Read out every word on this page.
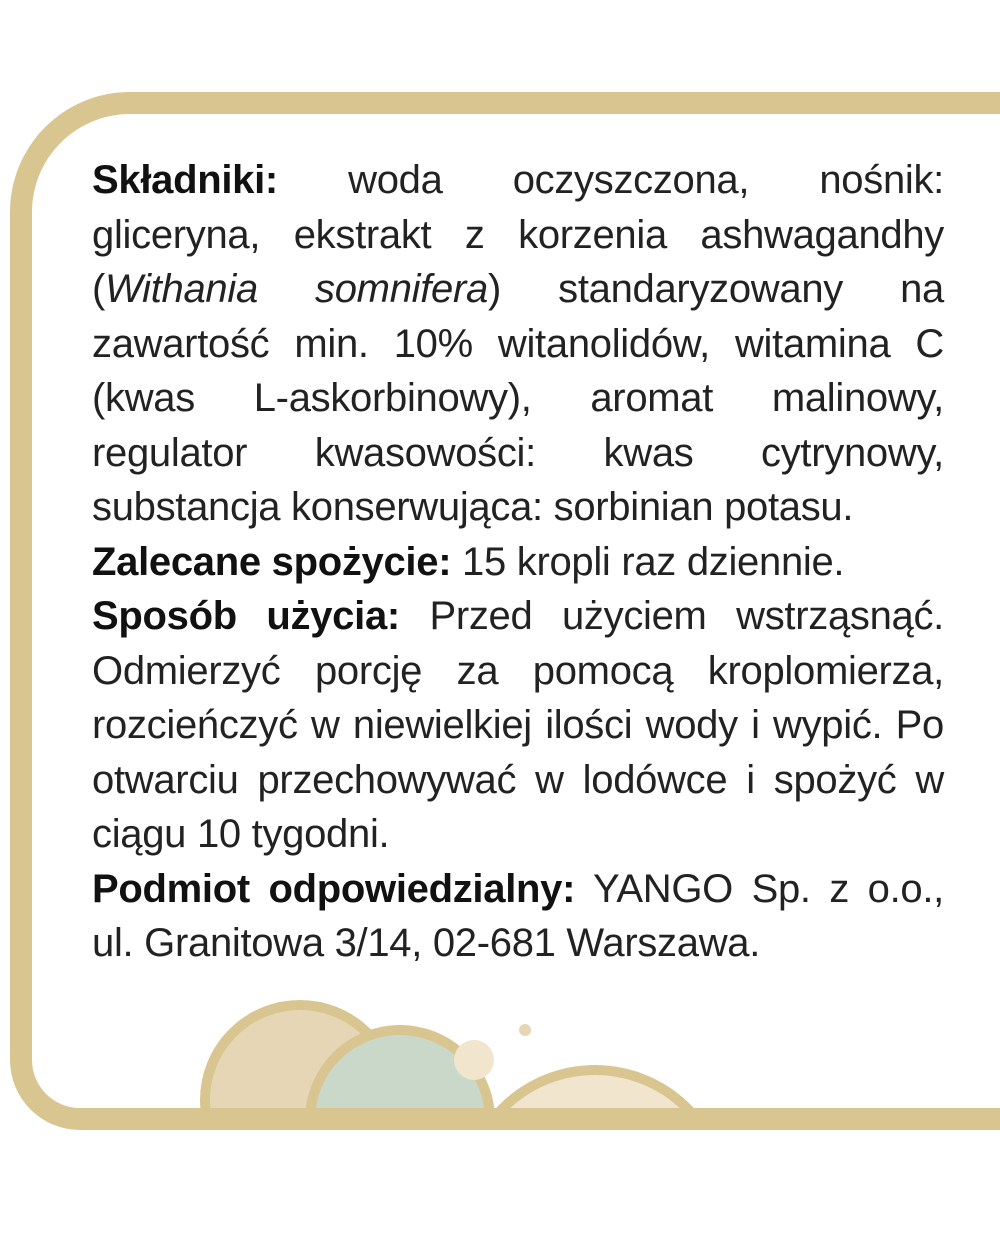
Składniki: woda oczyszczona, nośnik: gliceryna, ekstrakt z korzenia ashwagandhy (Withania somnifera) standaryzowany na zawartość min. 10% witanolidów, witamina C (kwas L-askorbinowy), aromat malinowy, regulator kwasowości: kwas cytrynowy, substancja konserwująca: sorbinian potasu.

Zalecane spożycie: 15 kropli raz dziennie.

Sposób użycia: Przed użyciem wstrząsnąć. Odmierzyć porcję za pomocą kroplomierza, rozcieńczyć w niewielkiej ilości wody i wypić. Po otwarciu przechowywać w lodówce i spożyć w ciągu 10 tygodni.

Podmiot odpowiedzialny: YANGO Sp. z o.o., ul. Granitowa 3/14, 02-681 Warszawa.
